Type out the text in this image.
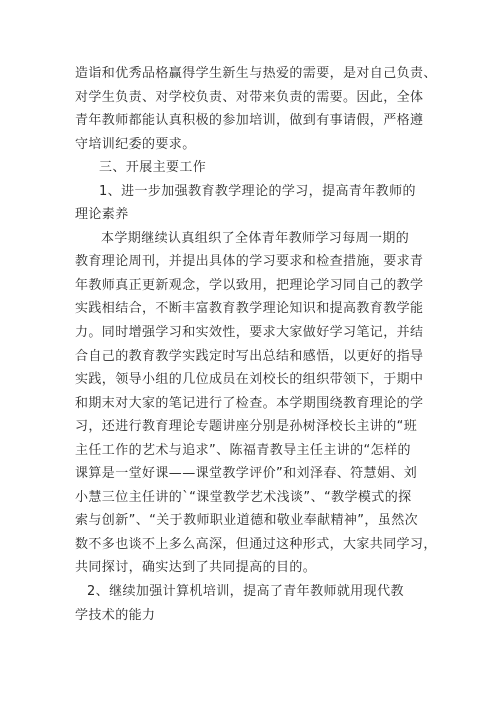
造诣和优秀品格赢得学生新生与热爱的需要，是对自己负责、
对学生负责、对学校负责、对带来负责的需要。因此，全体
青年教师都能认真积极的参加培训，做到有事请假，严格遵
守培训纪委的要求。
三、开展主要工作
1、进一步加强教育教学理论的学习，提高青年教师的
理论素养
本学期继续认真组织了全体青年教师学习每周一期的
教育理论周刊，并提出具体的学习要求和检查措施，要求青
年教师真正更新观念，学以致用，把理论学习同自己的教学
实践相结合，不断丰富教育教学理论知识和提高教育教学能
力。同时增强学习和实效性，要求大家做好学习笔记，并结
合自己的教育教学实践定时写出总结和感悟，以更好的指导
实践，领导小组的几位成员在刘校长的组织带领下，于期中
和期末对大家的笔记进行了检查。本学期围绕教育理论的学
习，还进行教育理论专题讲座分别是孙树泽校长主讲的“班
主任工作的艺术与追求”、陈福青教导主任主讲的“怎样的
课算是一堂好课——课堂教学评价”和刘泽春、符慧娟、刘
小慧三位主任讲的`“课堂教学艺术浅谈”、“教学模式的探
索与创新”、“关于教师职业道德和敬业奉献精神”，虽然次
数不多也谈不上多么高深，但通过这种形式，大家共同学习，
共同探讨，确实达到了共同提高的目的。
2、继续加强计算机培训，提高了青年教师就用现代教
学技术的能力
